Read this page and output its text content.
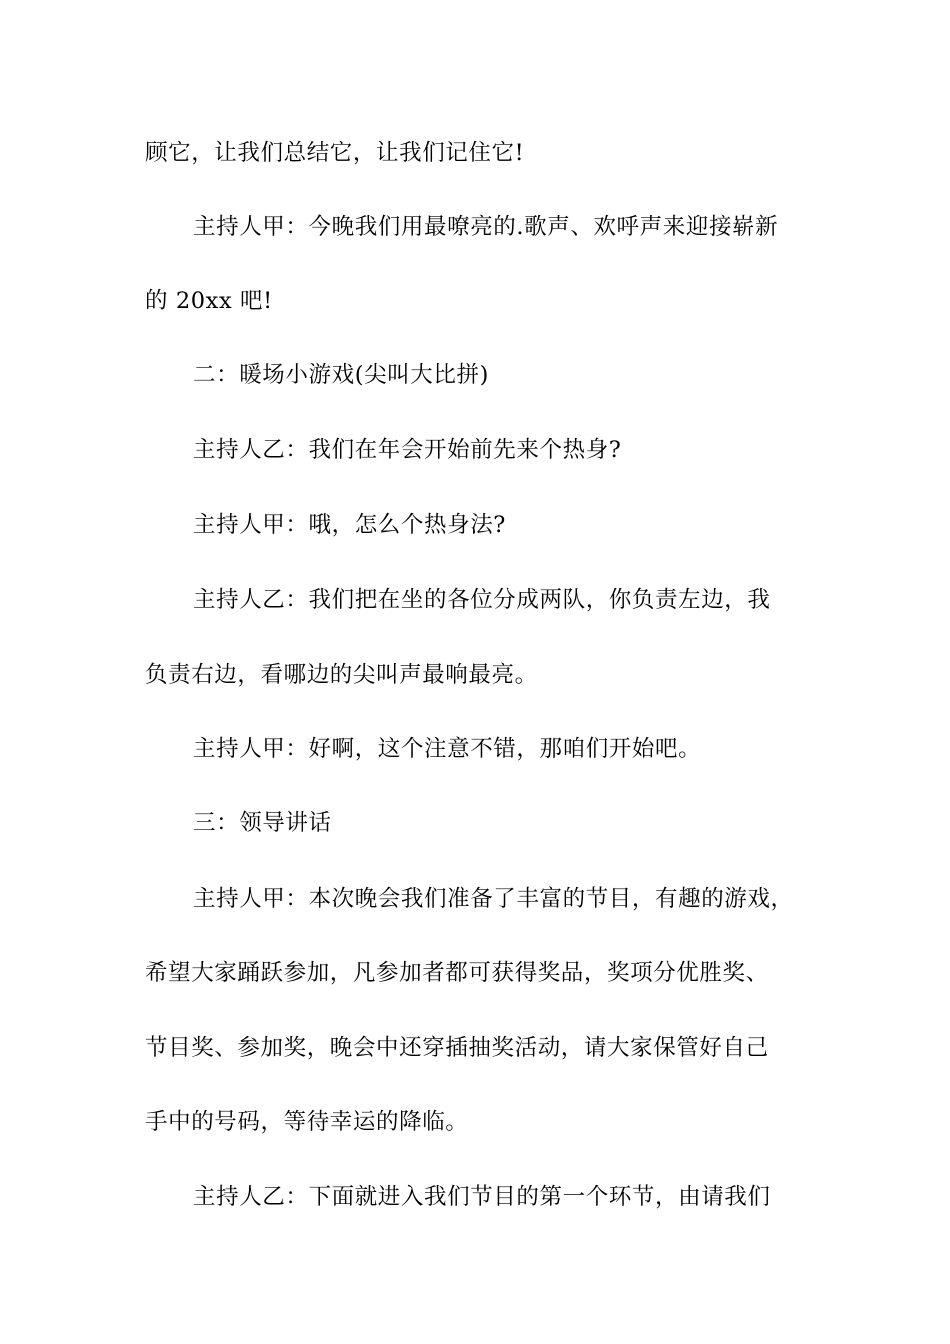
顾它，让我们总结它，让我们记住它!
主持人甲：今晚我们用最嘹亮的.歌声、欢呼声来迎接崭新
的 20xx 吧!
二：暖场小游戏(尖叫大比拼)
主持人乙：我们在年会开始前先来个热身?
主持人甲：哦，怎么个热身法?
主持人乙：我们把在坐的各位分成两队，你负责左边，我
负责右边，看哪边的尖叫声最响最亮。
主持人甲：好啊，这个注意不错，那咱们开始吧。
三：领导讲话
主持人甲：本次晚会我们准备了丰富的节目，有趣的游戏，
希望大家踊跃参加，凡参加者都可获得奖品，奖项分优胜奖、
节目奖、参加奖，晚会中还穿插抽奖活动，请大家保管好自己
手中的号码，等待幸运的降临。
主持人乙：下面就进入我们节目的第一个环节，由请我们
